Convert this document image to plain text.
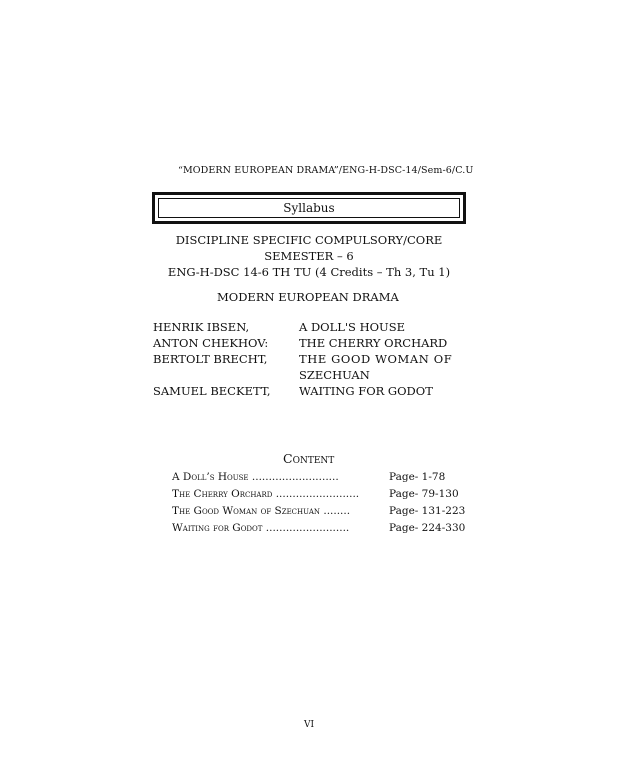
“MODERN EUROPEAN DRAMA”/ENG-H-DSC-14/Sem-6/C.U
Syllabus
DISCIPLINE SPECIFIC COMPULSORY/CORE
SEMESTER – 6
ENG-H-DSC 14-6 TH TU (4 Credits – Th 3, Tu 1)
MODERN EUROPEAN DRAMA
HENRIK IBSEN,	A DOLL'S HOUSE
ANTON CHEKHOV:	THE CHERRY ORCHARD
BERTOLT BRECHT,	THE GOOD WOMAN OF
SZECHUAN
SAMUEL BECKETT, WAITING FOR GODOT
Content
A Doll’s House ..........................	Page- 1-78
The Cherry Orchard .........................	Page- 79-130
The Good Woman of Szechuan ........	Page- 131-223
Waiting for Godot .........................	Page- 224-330
VI
